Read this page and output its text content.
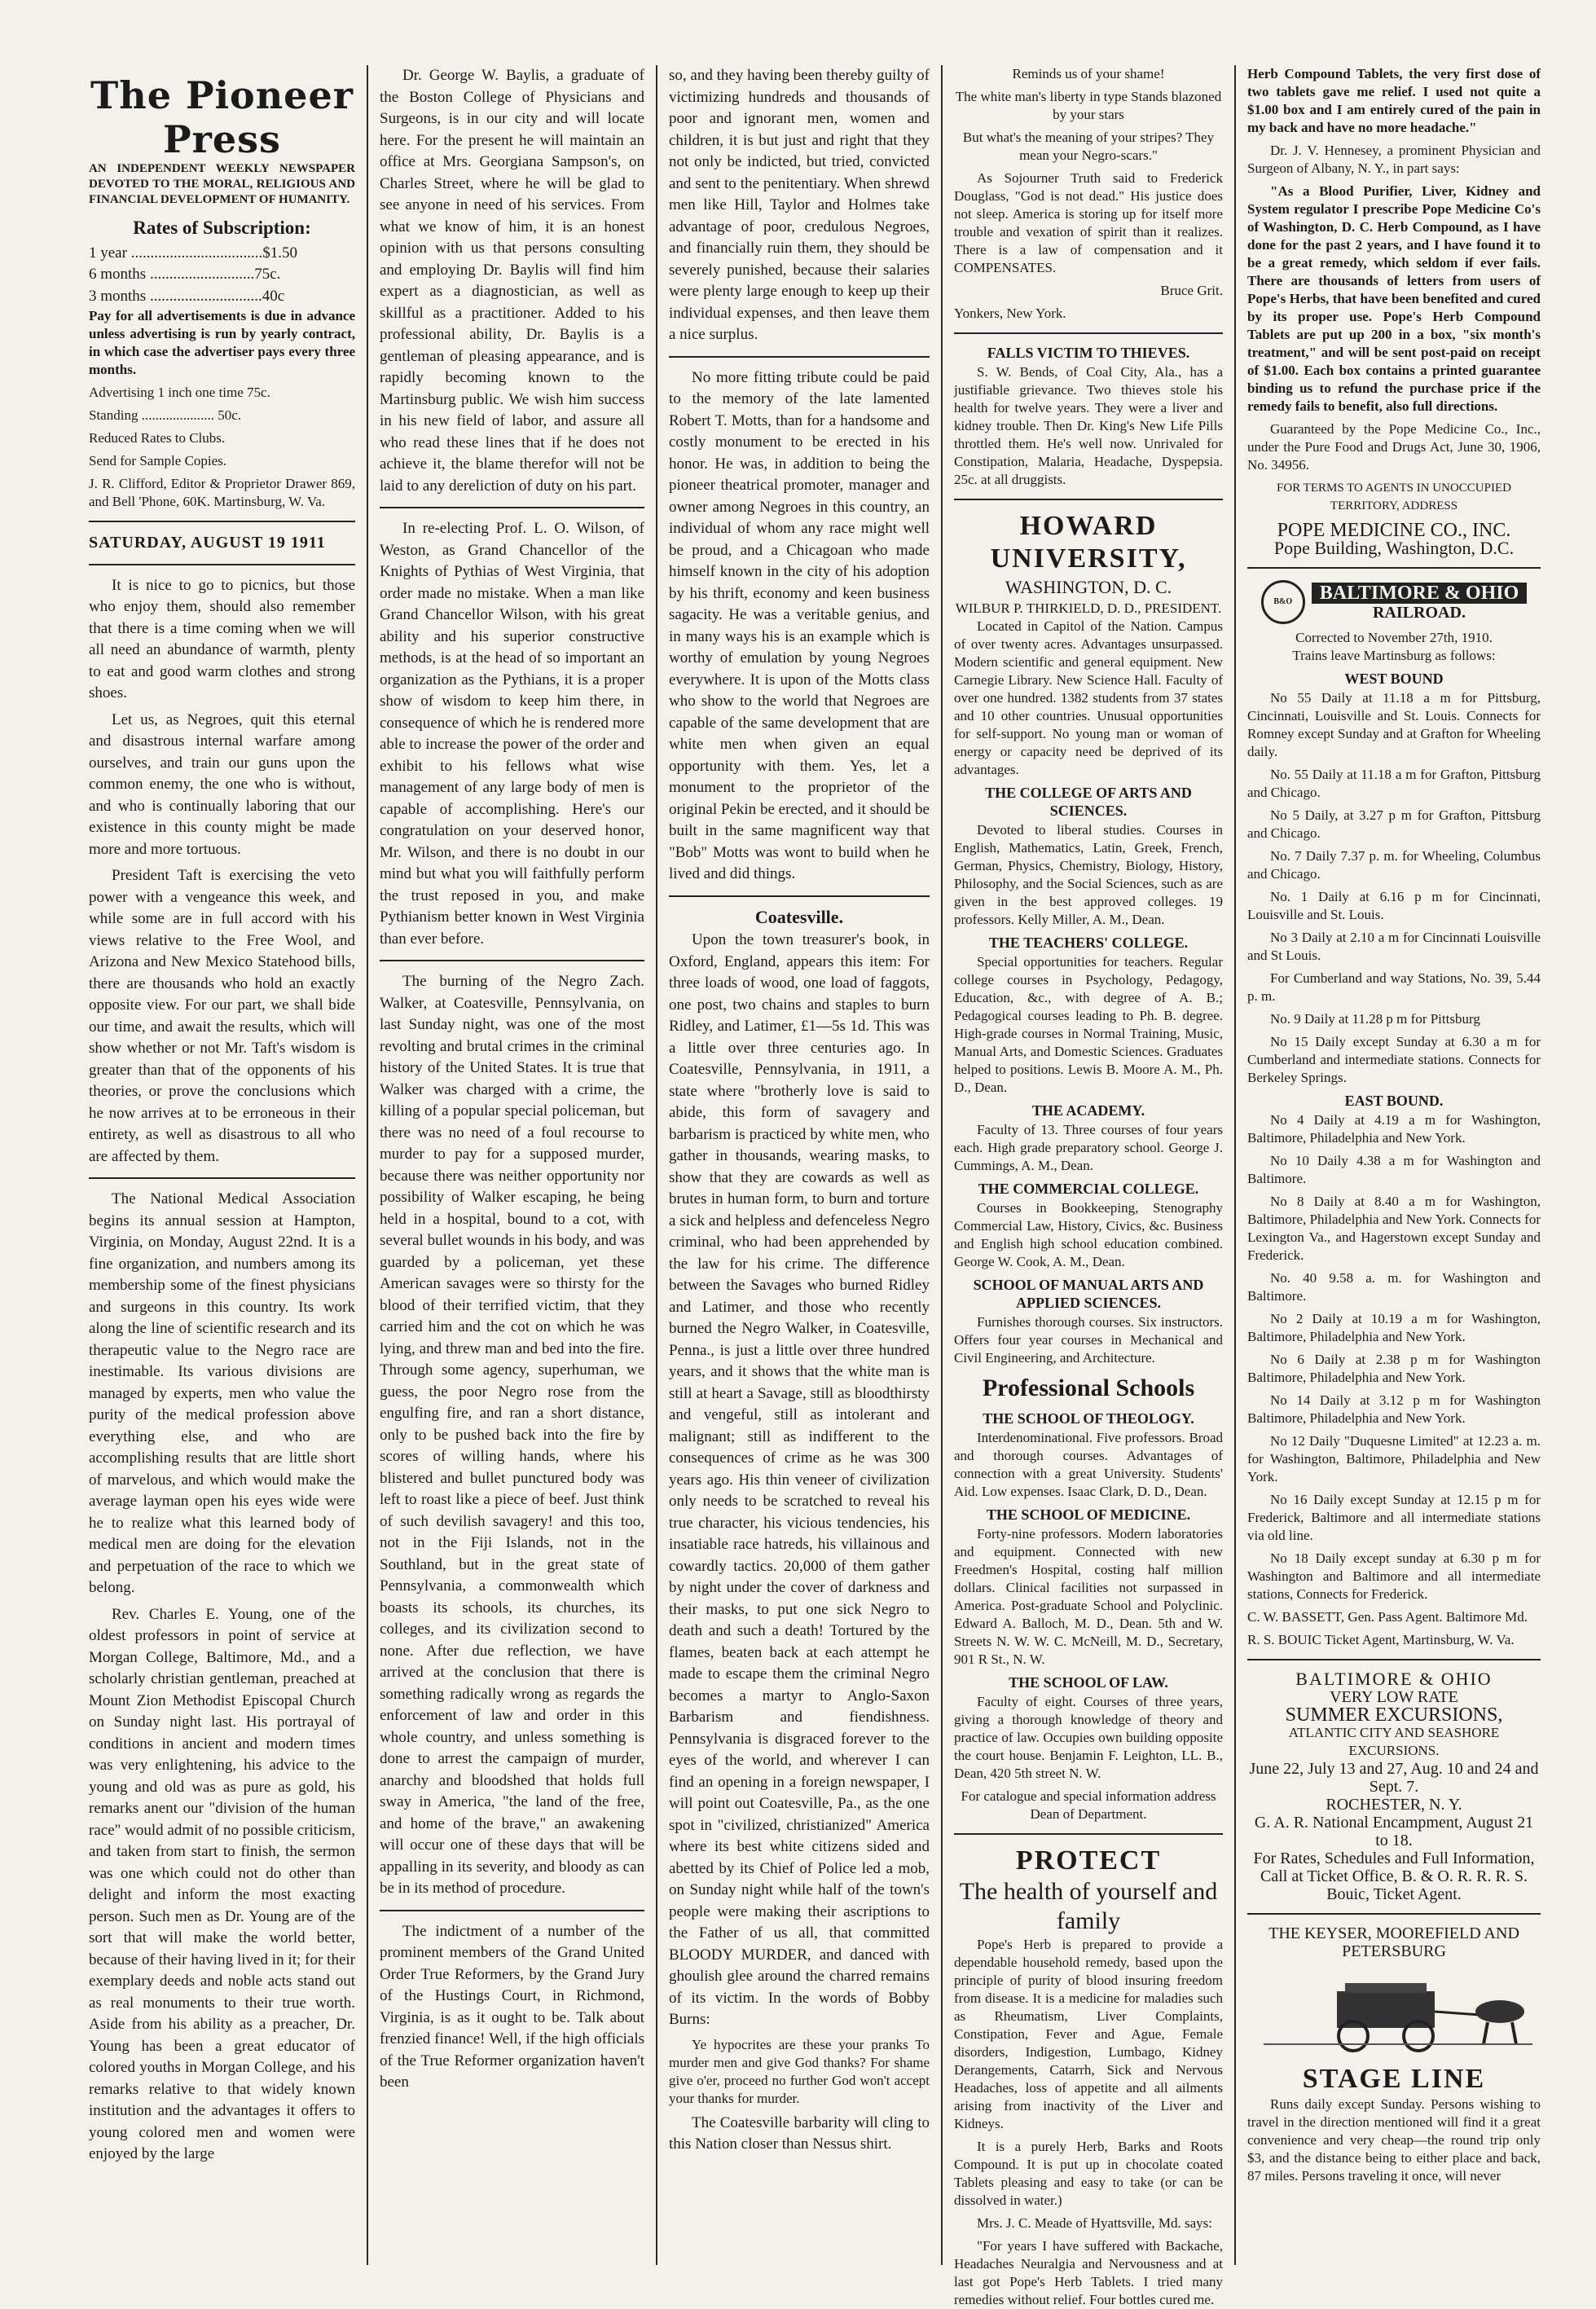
The Pioneer Press

AN INDEPENDENT WEEKLY NEWSPAPER DEVOTED TO THE MORAL, RELIGIOUS AND FINANCIAL DEVELOPMENT OF HUMANITY.

Rates of Subscription:

1 year ..................................$1.50

6 months ...........................75c.

3 months .............................40c

Pay for all advertisements is due in advance unless advertising is run by yearly contract, in which case the advertiser pays every three months.

Advertising 1 inch one time 75c.

Standing ..................... 50c.

Reduced Rates to Clubs.

Send for Sample Copies.

J. R. Clifford, Editor & Proprietor Drawer 869, and Bell 'Phone, 60K. Martinsburg, W. Va.

SATURDAY, AUGUST 19 1911

It is nice to go to picnics, but those who enjoy them, should also remember that there is a time coming when we will all need an abundance of warmth, plenty to eat and good warm clothes and strong shoes.

Let us, as Negroes, quit this eternal and disastrous internal warfare among ourselves, and train our guns upon the common enemy, the one who is without, and who is continually laboring that our existence in this county might be made more and more tortuous.

President Taft is exercising the veto power with a vengeance this week, and while some are in full accord with his views relative to the Free Wool, and Arizona and New Mexico Statehood bills, there are thousands who hold an exactly opposite view. For our part, we shall bide our time, and await the results, which will show whether or not Mr. Taft's wisdom is greater than that of the opponents of his theories, or prove the conclusions which he now arrives at to be erroneous in their entirety, as well as disastrous to all who are affected by them.

The National Medical Association begins its annual session at Hampton, Virginia, on Monday, August 22nd. It is a fine organization, and numbers among its membership some of the finest physicians and surgeons in this country. Its work along the line of scientific research and its therapeutic value to the Negro race are inestimable. Its various divisions are managed by experts, men who value the purity of the medical profession above everything else, and who are accomplishing results that are little short of marvelous, and which would make the average layman open his eyes wide were he to realize what this learned body of medical men are doing for the elevation and perpetuation of the race to which we belong.

Rev. Charles E. Young, one of the oldest professors in point of service at Morgan College, Baltimore, Md., and a scholarly christian gentleman, preached at Mount Zion Methodist Episcopal Church on Sunday night last. His portrayal of conditions in ancient and modern times was very enlightening, his advice to the young and old was as pure as gold, his remarks anent our "division of the human race" would admit of no possible criticism, and taken from start to finish, the sermon was one which could not do other than delight and inform the most exacting person. Such men as Dr. Young are of the sort that will make the world better, because of their having lived in it; for their exemplary deeds and noble acts stand out as real monuments to their true worth. Aside from his ability as a preacher, Dr. Young has been a great educator of colored youths in Morgan College, and his remarks relative to that widely known institution and the advantages it offers to young colored men and women were enjoyed by the large

Dr. George W. Baylis, a graduate of the Boston College of Physicians and Surgeons, is in our city and will locate here. For the present he will maintain an office at Mrs. Georgiana Sampson's, on Charles Street, where he will be glad to see anyone in need of his services. From what we know of him, it is an honest opinion with us that persons consulting and employing Dr. Baylis will find him expert as a diagnostician, as well as skillful as a practitioner. Added to his professional ability, Dr. Baylis is a gentleman of pleasing appearance, and is rapidly becoming known to the Martinsburg public. We wish him success in his new field of labor, and assure all who read these lines that if he does not achieve it, the blame therefor will not be laid to any dereliction of duty on his part.

In re-electing Prof. L. O. Wilson, of Weston, as Grand Chancellor of the Knights of Pythias of West Virginia, that order made no mistake. When a man like Grand Chancellor Wilson, with his great ability and his superior constructive methods, is at the head of so important an organization as the Pythians, it is a proper show of wisdom to keep him there, in consequence of which he is rendered more able to increase the power of the order and exhibit to his fellows what wise management of any large body of men is capable of accomplishing. Here's our congratulation on your deserved honor, Mr. Wilson, and there is no doubt in our mind but what you will faithfully perform the trust reposed in you, and make Pythianism better known in West Virginia than ever before.

The burning of the Negro Zach. Walker, at Coatesville, Pennsylvania, on last Sunday night, was one of the most revolting and brutal crimes in the criminal history of the United States. It is true that Walker was charged with a crime, the killing of a popular special policeman, but there was no need of a foul recourse to murder to pay for a supposed murder, because there was neither opportunity nor possibility of Walker escaping, he being held in a hospital, bound to a cot, with several bullet wounds in his body, and was guarded by a policeman, yet these American savages were so thirsty for the blood of their terrified victim, that they carried him and the cot on which he was lying, and threw man and bed into the fire. Through some agency, superhuman, we guess, the poor Negro rose from the engulfing fire, and ran a short distance, only to be pushed back into the fire by scores of willing hands, where his blistered and bullet punctured body was left to roast like a piece of beef. Just think of such devilish savagery! and this too, not in the Fiji Islands, not in the Southland, but in the great state of Pennsylvania, a commonwealth which boasts its schools, its churches, its colleges, and its civilization second to none. After due reflection, we have arrived at the conclusion that there is something radically wrong as regards the enforcement of law and order in this whole country, and unless something is done to arrest the campaign of murder, anarchy and bloodshed that holds full sway in America, "the land of the free, and home of the brave," an awakening will occur one of these days that will be appalling in its severity, and bloody as can be in its method of procedure.

The indictment of a number of the prominent members of the Grand United Order True Reformers, by the Grand Jury of the Hustings Court, in Richmond, Virginia, is as it ought to be. Talk about frenzied finance! Well, if the high officials of the True Reformer organization haven't been

so, and they having been thereby guilty of victimizing hundreds and thousands of poor and ignorant men, women and children, it is but just and right that they not only be indicted, but tried, convicted and sent to the penitentiary. When shrewd men like Hill, Taylor and Holmes take advantage of poor, credulous Negroes, and financially ruin them, they should be severely punished, because their salaries were plenty large enough to keep up their individual expenses, and then leave them a nice surplus.

No more fitting tribute could be paid to the memory of the late lamented Robert T. Motts, than for a handsome and costly monument to be erected in his honor. He was, in addition to being the pioneer theatrical promoter, manager and owner among Negroes in this country, an individual of whom any race might well be proud, and a Chicagoan who made himself known in the city of his adoption by his thrift, economy and keen business sagacity. He was a veritable genius, and in many ways his is an example which is worthy of emulation by young Negroes everywhere. It is upon of the Motts class who show to the world that Negroes are capable of the same development that are white men when given an equal opportunity with them. Yes, let a monument to the proprietor of the original Pekin be erected, and it should be built in the same magnificent way that "Bob" Motts was wont to build when he lived and did things.

Coatesville.

Upon the town treasurer's book, in Oxford, England, appears this item: For three loads of wood, one load of faggots, one post, two chains and staples to burn Ridley, and Latimer, £1—5s 1d. This was a little over three centuries ago. In Coatesville, Pennsylvania, in 1911, a state where "brotherly love is said to abide, this form of savagery and barbarism is practiced by white men, who gather in thousands, wearing masks, to show that they are cowards as well as brutes in human form, to burn and torture a sick and helpless and defenceless Negro criminal, who had been apprehended by the law for his crime. The difference between the Savages who burned Ridley and Latimer, and those who recently burned the Negro Walker, in Coatesville, Penna., is just a little over three hundred years, and it shows that the white man is still at heart a Savage, still as bloodthirsty and vengeful, still as intolerant and malignant; still as indifferent to the consequences of crime as he was 300 years ago. His thin veneer of civilization only needs to be scratched to reveal his true character, his vicious tendencies, his insatiable race hatreds, his villainous and cowardly tactics. 20,000 of them gather by night under the cover of darkness and their masks, to put one sick Negro to death and such a death! Tortured by the flames, beaten back at each attempt he made to escape them the criminal Negro becomes a martyr to Anglo-Saxon Barbarism and fiendishness. Pennsylvania is disgraced forever to the eyes of the world, and wherever I can find an opening in a foreign newspaper, I will point out Coatesville, Pa., as the one spot in "civilized, christianized" America where its best white citizens sided and abetted by its Chief of Police led a mob, on Sunday night while half of the town's people were making their ascriptions to the Father of us all, that committed BLOODY MURDER, and danced with ghoulish glee around the charred remains of its victim. In the words of Bobby Burns:

Ye hypocrites are these your pranks To murder men and give God thanks? For shame give o'er, proceed no further God won't accept your thanks for murder.

The Coatesville barbarity will cling to this Nation closer than Nessus shirt.

Reminds us of your shame!

The white man's liberty in type Stands blazoned by your stars

But what's the meaning of your stripes? They mean your Negro-scars."

As Sojourner Truth said to Frederick Douglass, "God is not dead." His justice does not sleep. America is storing up for itself more trouble and vexation of spirit than it realizes. There is a law of compensation and it COMPENSATES.

Bruce Grit.

Yonkers, New York.

FALLS VICTIM TO THIEVES.

S. W. Bends, of Coal City, Ala., has a justifiable grievance. Two thieves stole his health for twelve years. They were a liver and kidney trouble. Then Dr. King's New Life Pills throttled them. He's well now. Unrivaled for Constipation, Malaria, Headache, Dyspepsia. 25c. at all druggists.

HOWARD UNIVERSITY,
WASHINGTON, D. C.
WILBUR P. THIRKIELD, D. D., PRESIDENT.

Located in Capitol of the Nation. Campus of over twenty acres. Advantages unsurpassed. Modern scientific and general equipment. New Carnegie Library. New Science Hall. Faculty of over one hundred. 1382 students from 37 states and 10 other countries. Unusual opportunities for self-support. No young man or woman of energy or capacity need be deprived of its advantages.

THE COLLEGE OF ARTS AND SCIENCES.

Devoted to liberal studies. Courses in English, Mathematics, Latin, Greek, French, German, Physics, Chemistry, Biology, History, Philosophy, and the Social Sciences, such as are given in the best approved colleges. 19 professors. Kelly Miller, A. M., Dean.

THE TEACHERS' COLLEGE.

Special opportunities for teachers. Regular college courses in Psychology, Pedagogy, Education, &c., with degree of A. B.; Pedagogical courses leading to Ph. B. degree. High-grade courses in Normal Training, Music, Manual Arts, and Domestic Sciences. Graduates helped to positions. Lewis B. Moore A. M., Ph. D., Dean.

THE ACADEMY.

Faculty of 13. Three courses of four years each. High grade preparatory school. George J. Cummings, A. M., Dean.

THE COMMERCIAL COLLEGE.

Courses in Bookkeeping, Stenography Commercial Law, History, Civics, &c. Business and English high school education combined. George W. Cook, A. M., Dean.

SCHOOL OF MANUAL ARTS AND APPLIED SCIENCES.

Furnishes thorough courses. Six instructors. Offers four year courses in Mechanical and Civil Engineering, and Architecture.

Professional Schools
THE SCHOOL OF THEOLOGY.

Interdenominational. Five professors. Broad and thorough courses. Advantages of connection with a great University. Students' Aid. Low expenses. Isaac Clark, D. D., Dean.

THE SCHOOL OF MEDICINE.

Forty-nine professors. Modern laboratories and equipment. Connected with new Freedmen's Hospital, costing half million dollars. Clinical facilities not surpassed in America. Post-graduate School and Polyclinic. Edward A. Balloch, M. D., Dean. 5th and W. Streets N. W. W. C. McNeill, M. D., Secretary, 901 R St., N. W.

THE SCHOOL OF LAW.

Faculty of eight. Courses of three years, giving a thorough knowledge of theory and practice of law. Occupies own building opposite the court house. Benjamin F. Leighton, LL. B., Dean, 420 5th street N. W.

For catalogue and special information address Dean of Department.

PROTECT
The health of yourself and family

Pope's Herb is prepared to provide a dependable household remedy, based upon the principle of purity of blood insuring freedom from disease. It is a medicine for maladies such as Rheumatism, Liver Complaints, Constipation, Fever and Ague, Female disorders, Indigestion, Lumbago, Kidney Derangements, Catarrh, Sick and Nervous Headaches, loss of appetite and all ailments arising from inactivity of the Liver and Kidneys.

It is a purely Herb, Barks and Roots Compound. It is put up in chocolate coated Tablets pleasing and easy to take (or can be dissolved in water.)

Mrs. J. C. Meade of Hyattsville, Md. says:

"For years I have suffered with Backache, Headaches Neuralgia and Nervousness and at last got Pope's Herb Tablets. I tried many remedies without relief. Four bottles cured me.

Herb Compound Tablets, the very first dose of two tablets gave me relief. I used not quite a $1.00 box and I am entirely cured of the pain in my back and have no more headache."

Dr. J. V. Hennesey, a prominent Physician and Surgeon of Albany, N. Y., in part says:

"As a Blood Purifier, Liver, Kidney and System regulator I prescribe Pope Medicine Co's of Washington, D. C. Herb Compound, as I have done for the past 2 years, and I have found it to be a great remedy, which seldom if ever fails. There are thousands of letters from users of Pope's Herbs, that have been benefited and cured by its proper use. Pope's Herb Compound Tablets are put up 200 in a box, "six month's treatment," and will be sent post-paid on receipt of $1.00. Each box contains a printed guarantee binding us to refund the purchase price if the remedy fails to benefit, also full directions.

Guaranteed by the Pope Medicine Co., Inc., under the Pure Food and Drugs Act, June 30, 1906, No. 34956.

FOR TERMS TO AGENTS IN UNOCCUPIED TERRITORY, ADDRESS
POPE MEDICINE CO., INC.
Pope Building, Washington, D.C.
B&O	BALTIMORE & OHIO
RAILROAD.
Corrected to November 27th, 1910.
Trains leave Martinsburg as follows:
WEST BOUND

No 55 Daily at 11.18 a m for Pittsburg, Cincinnati, Louisville and St. Louis. Connects for Romney except Sunday and at Grafton for Wheeling daily.

No. 55 Daily at 11.18 a m for Grafton, Pittsburg and Chicago.

No 5 Daily, at 3.27 p m for Grafton, Pittsburg and Chicago.

No. 7 Daily 7.37 p. m. for Wheeling, Columbus and Chicago.

No. 1 Daily at 6.16 p m for Cincinnati, Louisville and St. Louis.

No 3 Daily at 2.10 a m for Cincinnati Louisville and St Louis.

For Cumberland and way Stations, No. 39, 5.44 p. m.

No. 9 Daily at 11.28 p m for Pittsburg

No 15 Daily except Sunday at 6.30 a m for Cumberland and intermediate stations. Connects for Berkeley Springs.

EAST BOUND.

No 4 Daily at 4.19 a m for Washington, Baltimore, Philadelphia and New York.

No 10 Daily 4.38 a m for Washington and Baltimore.

No 8 Daily at 8.40 a m for Washington, Baltimore, Philadelphia and New York. Connects for Lexington Va., and Hagerstown except Sunday and Frederick.

No. 40 9.58 a. m. for Washington and Baltimore.

No 2 Daily at 10.19 a m for Washington, Baltimore, Philadelphia and New York.

No 6 Daily at 2.38 p m for Washington Baltimore, Philadelphia and New York.

No 14 Daily at 3.12 p m for Washington Baltimore, Philadelphia and New York.

No 12 Daily "Duquesne Limited" at 12.23 a. m. for Washington, Baltimore, Philadelphia and New York.

No 16 Daily except Sunday at 12.15 p m for Frederick, Baltimore and all intermediate stations via old line.

No 18 Daily except sunday at 6.30 p m for Washington and Baltimore and all intermediate stations, Connects for Frederick.

C. W. BASSETT, Gen. Pass Agent. Baltimore Md.

R. S. BOUIC Ticket Agent, Martinsburg, W. Va.

BALTIMORE & OHIO
VERY LOW RATE
SUMMER EXCURSIONS,
ATLANTIC CITY AND SEASHORE EXCURSIONS.
June 22, July 13 and 27, Aug. 10 and 24 and Sept. 7.
ROCHESTER, N. Y.
G. A. R. National Encampment, August 21 to 18.
For Rates, Schedules and Full Information, Call at Ticket Office, B. & O. R. R. R. S. Bouic, Ticket Agent.
THE KEYSER, MOOREFIELD AND PETERSBURG
STAGE LINE

Runs daily except Sunday. Persons wishing to travel in the direction mentioned will find it a great convenience and very cheap—the round trip only $3, and the distance being to either place and back, 87 miles. Persons traveling it once, will never
